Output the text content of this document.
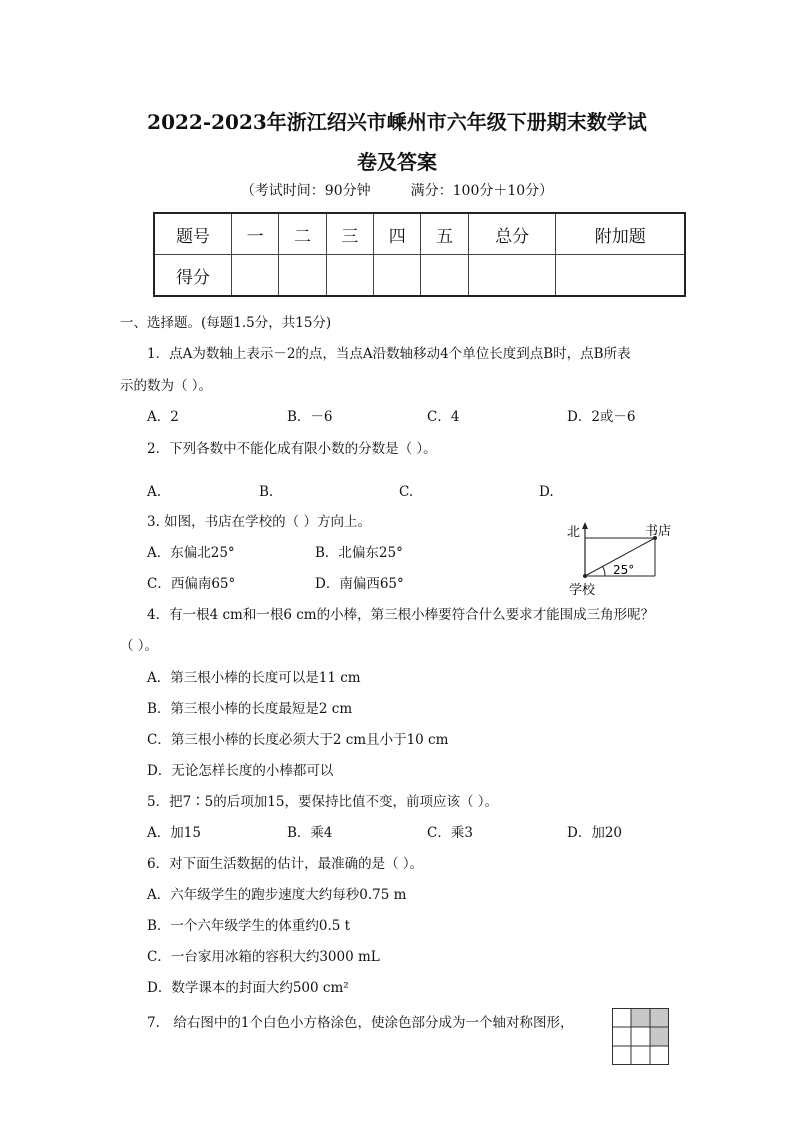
2022-2023年浙江绍兴市嵊州市六年级下册期末数学试
卷及答案
（考试时间：90分钟	满分：100分＋10分）
题号	一	二	三	四	五	总分	附加题
得分							
一、选择题。(每题1.5分，共15分)
1．点A为数轴上表示－2的点，当点A沿数轴移动4个单位长度到点B时，点B所表
示的数为（ ）。
A．2	B．－6	C．4	D．2或－6
2．下列各数中不能化成有限小数的分数是（ ）。
A.	B.	C.	D.
3. 如图，书店在学校的（ ）方向上。
A．东偏北25°	B．北偏东25°
C．西偏南65°	D．南偏西65°
北	书店
学校
25°
4．有一根4 cm和一根6 cm的小棒，第三根小棒要符合什么要求才能围成三角形呢？
（ ）。
A．第三根小棒的长度可以是11 cm
B．第三根小棒的长度最短是2 cm
C．第三根小棒的长度必须大于2 cm且小于10 cm
D．无论怎样长度的小棒都可以
5．把7∶5的后项加15，要保持比值不变，前项应该（ ）。
A．加15	B．乘4	C．乘3	D．加20
6．对下面生活数据的估计，最准确的是（ ）。
A．六年级学生的跑步速度大约每秒0.75 m
B．一个六年级学生的体重约0.5 t
C．一台家用冰箱的容积大约3000 mL
D．数学课本的封面大约500 cm²
7.　给右图中的1个白色小方格涂色，使涂色部分成为一个轴对称图形，
